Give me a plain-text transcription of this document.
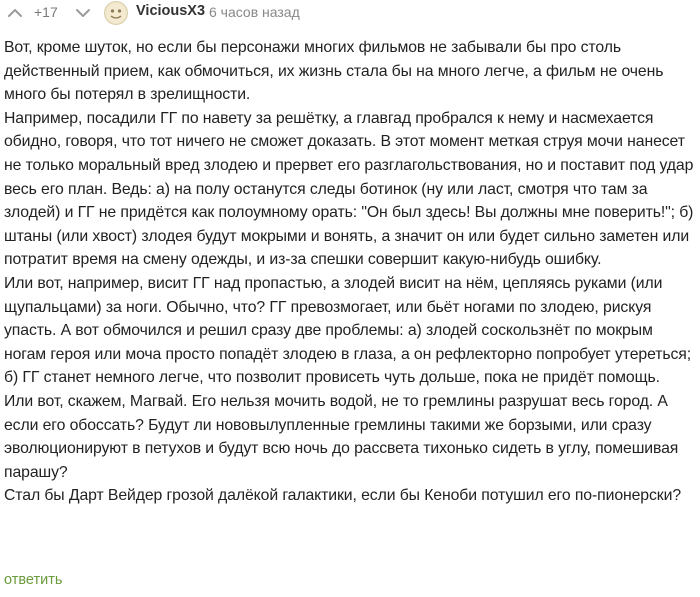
+17	ViciousX3 6 часов назад

Вот, кроме шуток, но если бы персонажи многих фильмов не забывали бы про столь действенный прием, как обмочиться, их жизнь стала бы на много легче, а фильм не очень много бы потерял в зрелищности.

Например, посадили ГГ по навету за решётку, а главгад пробрался к нему и насмехается обидно, говоря, что тот ничего не сможет доказать. В этот момент меткая струя мочи нанесет не только моральный вред злодею и прервет его разглагольствования, но и поставит под удар весь его план. Ведь: а) на полу останутся следы ботинок (ну или ласт, смотря что там за злодей) и ГГ не придётся как полоумному орать: "Он был здесь! Вы должны мне поверить!"; б) штаны (или хвост) злодея будут мокрыми и вонять, а значит он или будет сильно заметен или потратит время на смену одежды, и из-за спешки совершит какую-нибудь ошибку.

Или вот, например, висит ГГ над пропастью, а злодей висит на нём, цепляясь руками (или щупальцами) за ноги. Обычно, что? ГГ превозмогает, или бьёт ногами по злодею, рискуя упасть. А вот обмочился и решил сразу две проблемы: а) злодей соскользнёт по мокрым ногам героя или моча просто попадёт злодею в глаза, а он рефлекторно попробует утереться; б) ГГ станет немного легче, что позволит провисеть чуть дольше, пока не придёт помощь.

Или вот, скажем, Магвай. Его нельзя мочить водой, не то гремлины разрушат весь город. А если его обоссать? Будут ли нововылупленные гремлины такими же борзыми, или сразу эволюционируют в петухов и будут всю ночь до рассвета тихонько сидеть в углу, помешивая парашу?

Стал бы Дарт Вейдер грозой далёкой галактики, если бы Кеноби потушил его по-пионерски?

ответить
